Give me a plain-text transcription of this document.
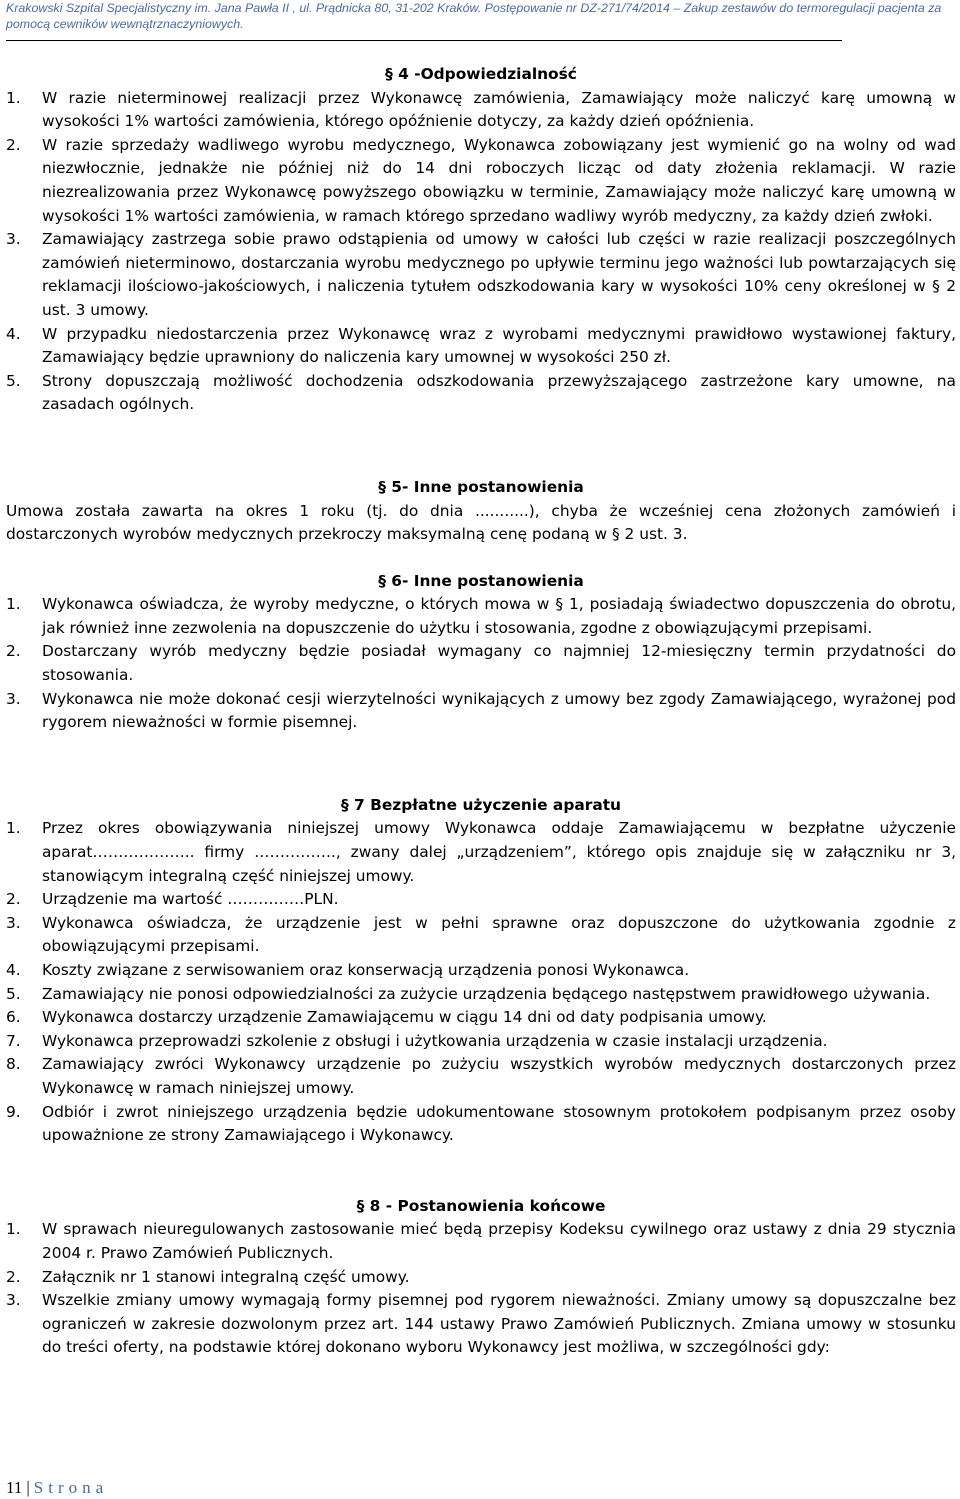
Krakowski Szpital Specjalistyczny im. Jana Pawła II , ul. Prądnicka 80, 31-202 Kraków. Postępowanie nr DZ-271/74/2014 – Zakup zestawów do termoregulacji pacjenta za pomocą cewników wewnątrznaczyniowych.
§ 4 -Odpowiedzialność
1. W razie nieterminowej realizacji przez Wykonawcę zamówienia, Zamawiający może naliczyć karę umowną w wysokości 1% wartości zamówienia, którego opóźnienie dotyczy, za każdy dzień opóźnienia.
2. W razie sprzedaży wadliwego wyrobu medycznego, Wykonawca zobowiązany jest wymienić go na wolny od wad niezwłocznie, jednakże nie później niż do 14 dni roboczych licząc od daty złożenia reklamacji. W razie niezrealizowania przez Wykonawcę powyższego obowiązku w terminie, Zamawiający może naliczyć karę umowną w wysokości 1% wartości zamówienia, w ramach którego sprzedano wadliwy wyrób medyczny, za każdy dzień zwłoki.
3. Zamawiający zastrzega sobie prawo odstąpienia od umowy w całości lub części w razie realizacji poszczególnych zamówień nieterminowo, dostarczania wyrobu medycznego po upływie terminu jego ważności lub powtarzających się reklamacji ilościowo-jakościowych, i naliczenia tytułem odszkodowania kary w wysokości 10% ceny określonej w § 2 ust. 3 umowy.
4. W przypadku niedostarczenia przez Wykonawcę wraz z wyrobami medycznymi prawidłowo wystawionej faktury, Zamawiający będzie uprawniony do naliczenia kary umownej w wysokości 250 zł.
5. Strony dopuszczają możliwość dochodzenia odszkodowania przewyższającego zastrzeżone kary umowne, na zasadach ogólnych.
§ 5- Inne postanowienia

Umowa została zawarta na okres 1 roku (tj. do dnia ...........), chyba że wcześniej cena złożonych zamówień i dostarczonych wyrobów medycznych przekroczy maksymalną cenę podaną w § 2 ust. 3.

§ 6- Inne postanowienia
1. Wykonawca oświadcza, że wyroby medyczne, o których mowa w § 1, posiadają świadectwo dopuszczenia do obrotu, jak również inne zezwolenia na dopuszczenie do użytku i stosowania, zgodne z obowiązującymi przepisami.
2. Dostarczany wyrób medyczny będzie posiadał wymagany co najmniej 12-miesięczny termin przydatności do stosowania.
3. Wykonawca nie może dokonać cesji wierzytelności wynikających z umowy bez zgody Zamawiającego, wyrażonej pod rygorem nieważności w formie pisemnej.
§ 7 Bezpłatne użyczenie aparatu
1. Przez okres obowiązywania niniejszej umowy Wykonawca oddaje Zamawiającemu w bezpłatne użyczenie aparat……………….. firmy ……………., zwany dalej „urządzeniem”, którego opis znajduje się w załączniku nr 3, stanowiącym integralną część niniejszej umowy.
2. Urządzenie ma wartość ……………PLN.
3. Wykonawca oświadcza, że urządzenie jest w pełni sprawne oraz dopuszczone do użytkowania zgodnie z obowiązującymi przepisami.
4. Koszty związane z serwisowaniem oraz konserwacją urządzenia ponosi Wykonawca.
5. Zamawiający nie ponosi odpowiedzialności za zużycie urządzenia będącego następstwem prawidłowego używania.
6. Wykonawca dostarczy urządzenie Zamawiającemu w ciągu 14 dni od daty podpisania umowy.
7. Wykonawca przeprowadzi szkolenie z obsługi i użytkowania urządzenia w czasie instalacji urządzenia.
8. Zamawiający zwróci Wykonawcy urządzenie po zużyciu wszystkich wyrobów medycznych dostarczonych przez Wykonawcę w ramach niniejszej umowy.
9. Odbiór i zwrot niniejszego urządzenia będzie udokumentowane stosownym protokołem podpisanym przez osoby upoważnione ze strony Zamawiającego i Wykonawcy.
§ 8 - Postanowienia końcowe
1. W sprawach nieuregulowanych zastosowanie mieć będą przepisy Kodeksu cywilnego oraz ustawy z dnia 29 stycznia 2004 r. Prawo Zamówień Publicznych.
2. Załącznik nr 1 stanowi integralną część umowy.
3. Wszelkie zmiany umowy wymagają formy pisemnej pod rygorem nieważności. Zmiany umowy są dopuszczalne bez ograniczeń w zakresie dozwolonym przez art. 144 ustawy Prawo Zamówień Publicznych. Zmiana umowy w stosunku do treści oferty, na podstawie której dokonano wyboru Wykonawcy jest możliwa, w szczególności gdy:
11 | Strona
